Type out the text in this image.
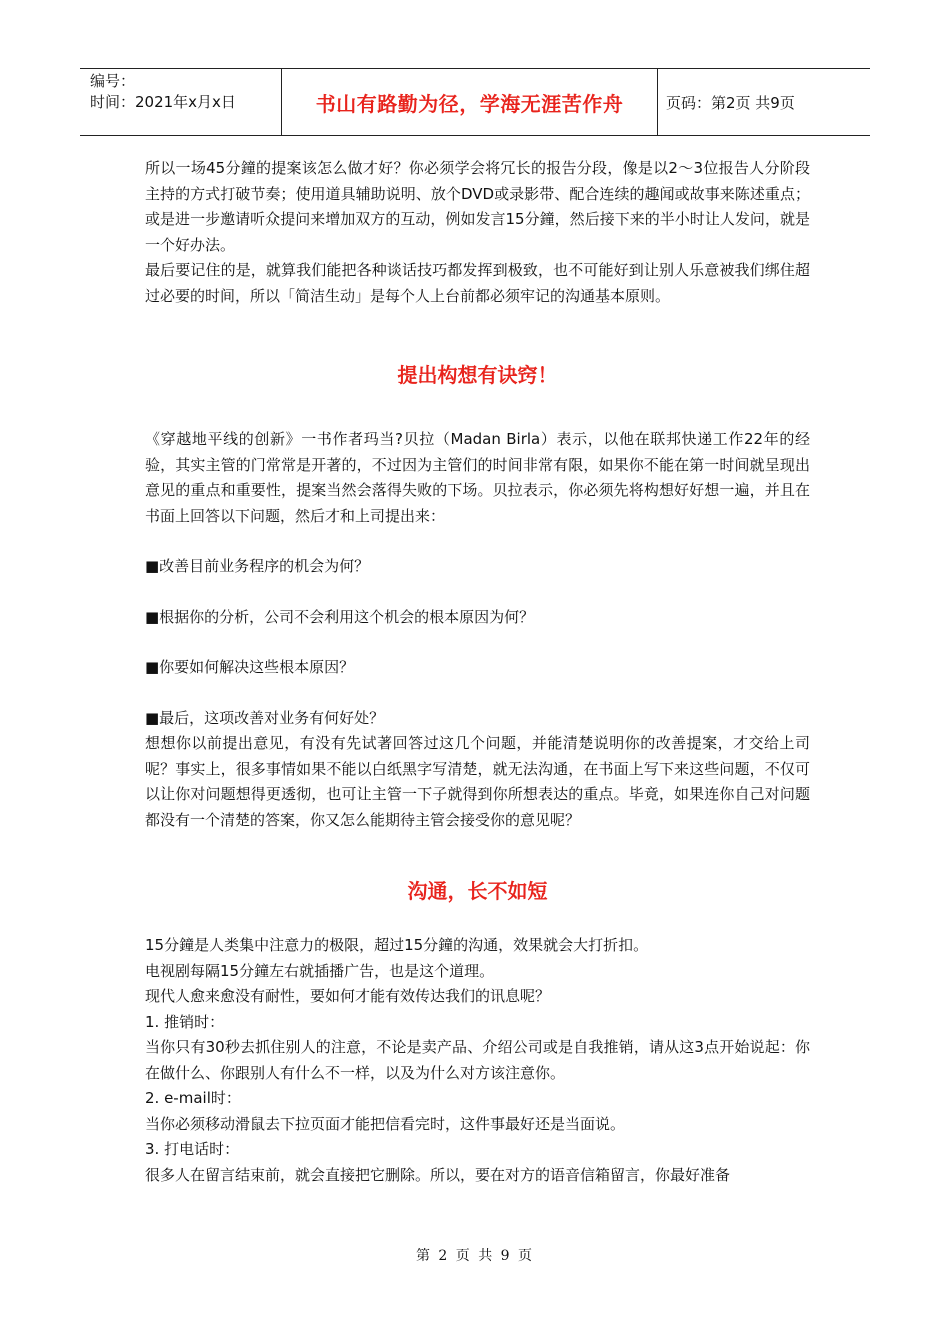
编号：
时间：2021年x月x日	书山有路勤为径，学海无涯苦作舟	页码：第2页 共9页

所以一场45分鐘的提案该怎么做才好？你必须学会将冗长的报告分段，像是以2～3位报告人分阶段主持的方式打破节奏；使用道具辅助说明、放个DVD或录影带、配合连续的趣闻或故事来陈述重点；或是进一步邀请听众提问来增加双方的互动，例如发言15分鐘，然后接下来的半小时让人发问，就是一个好办法。

最后要记住的是，就算我们能把各种谈话技巧都发挥到极致，也不可能好到让别人乐意被我们绑住超过必要的时间，所以「简洁生动」是每个人上台前都必须牢记的沟通基本原则。

提出构想有诀窍！

《穿越地平线的创新》一书作者玛当?贝拉（Madan Birla）表示，以他在联邦快递工作22年的经验，其实主管的门常常是开著的，不过因为主管们的时间非常有限，如果你不能在第一时间就呈现出意见的重点和重要性，提案当然会落得失败的下场。贝拉表示，你必须先将构想好好想一遍，并且在书面上回答以下问题，然后才和上司提出来：

■改善目前业务程序的机会为何？

■根据你的分析，公司不会利用这个机会的根本原因为何？

■你要如何解决这些根本原因？

■最后，这项改善对业务有何好处？

想想你以前提出意见，有没有先试著回答过这几个问题，并能清楚说明你的改善提案，才交给上司呢？事实上，很多事情如果不能以白纸黑字写清楚，就无法沟通，在书面上写下来这些问题，不仅可以让你对问题想得更透彻，也可让主管一下子就得到你所想表达的重点。毕竟，如果连你自己对问题都没有一个清楚的答案，你又怎么能期待主管会接受你的意见呢？

沟通，长不如短

15分鐘是人类集中注意力的极限，超过15分鐘的沟通，效果就会大打折扣。

电视剧每隔15分鐘左右就插播广告，也是这个道理。

现代人愈来愈没有耐性，要如何才能有效传达我们的讯息呢？

1. 推销时：

当你只有30秒去抓住别人的注意，不论是卖产品、介绍公司或是自我推销，请从这3点开始说起：你在做什么、你跟别人有什么不一样，以及为什么对方该注意你。

2. e-mail时：

当你必须移动滑鼠去下拉页面才能把信看完时，这件事最好还是当面说。

3. 打电话时：

很多人在留言结束前，就会直接把它删除。所以，要在对方的语音信箱留言，你最好准备

第 2 页 共 9 页
